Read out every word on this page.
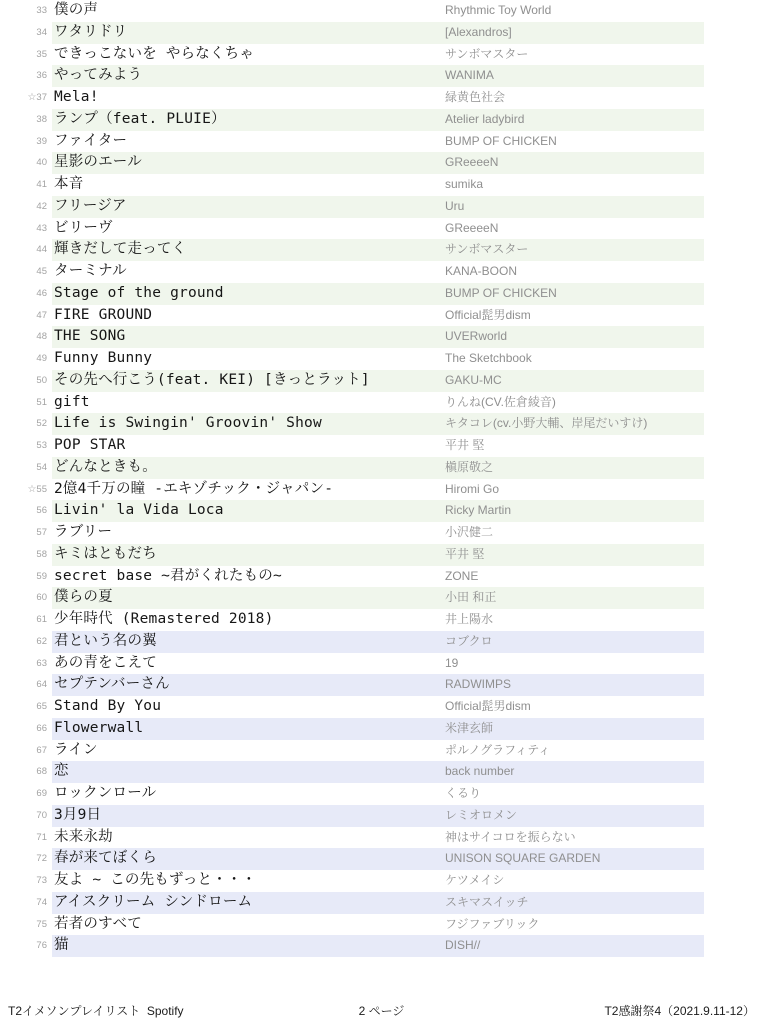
33 僕の声	Rhythmic Toy World
34 ワタリドリ	[Alexandros]
35 できっこないを やらなくちゃ	サンボマスター
36 やってみよう	WANIMA
☆37 Mela!	緑黄色社会
38 ランプ（feat. PLUIE）	Atelier ladybird
39 ファイター	BUMP OF CHICKEN
40 星影のエール	GReeeeN
41 本音	sumika
42 フリージア	Uru
43 ビリーヴ	GReeeeN
44 輝きだして走ってく	サンボマスター
45 ターミナル	KANA-BOON
46 Stage of the ground	BUMP OF CHICKEN
47 FIRE GROUND	Official髭男dism
48 THE SONG	UVERworld
49 Funny Bunny	The Sketchbook
50 その先へ行こう(feat. KEI) [きっとラット]	GAKU-MC
51 gift	りんね(CV.佐倉綾音)
52 Life is Swingin' Groovin' Show	キタコレ(cv.小野大輔、岸尾だいすけ)
53 POP STAR	平井 堅
54 どんなときも。	槇原敬之
☆55 2億4千万の瞳 -エキゾチック・ジャパン-	Hiromi Go
56 Livin' la Vida Loca	Ricky Martin
57 ラブリー	小沢健二
58 キミはともだち	平井 堅
59 secret base ~君がくれたもの~	ZONE
60 僕らの夏	小田 和正
61 少年時代 (Remastered 2018)	井上陽水
62 君という名の翼	コブクロ
63 あの青をこえて	19
64 セプテンバーさん	RADWIMPS
65 Stand By You	Official髭男dism
66 Flowerwall	米津玄師
67 ライン	ポルノグラフィティ
68 恋	back number
69 ロックンロール	くるり
70 3月9日	レミオロメン
71 未来永劫	神はサイコロを振らない
72 春が来てぼくら	UNISON SQUARE GARDEN
73 友よ ~ この先もずっと・・・	ケツメイシ
74 アイスクリーム シンドローム	スキマスイッチ
75 若者のすべて	フジファブリック
76 猫	DISH//
T2イメソンプレイリスト  Spotify	2 ページ	T2感謝祭4（2021.9.11-12）
